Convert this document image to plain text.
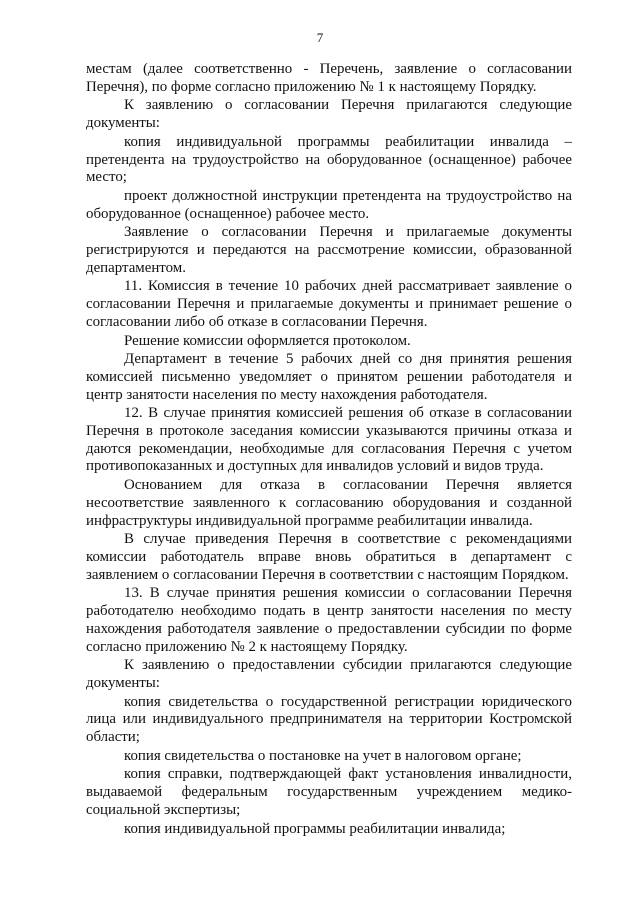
7

местам (далее соответственно - Перечень, заявление о согласовании Перечня), по форме согласно приложению № 1 к настоящему Порядку.

К заявлению о согласовании Перечня прилагаются следующие документы:

копия индивидуальной программы реабилитации инвалида – претендента на трудоустройство на оборудованное (оснащенное) рабочее место;

проект должностной инструкции претендента на трудоустройство на оборудованное (оснащенное) рабочее место.

Заявление о согласовании Перечня и прилагаемые документы регистрируются и передаются на рассмотрение комиссии, образованной департаментом.

11. Комиссия в течение 10 рабочих дней рассматривает заявление о согласовании Перечня и прилагаемые документы и принимает решение о согласовании либо об отказе в согласовании Перечня.

Решение комиссии оформляется протоколом.

Департамент в течение 5 рабочих дней со дня принятия решения комиссией письменно уведомляет о принятом решении работодателя и центр занятости населения по месту нахождения работодателя.

12. В случае принятия комиссией решения об отказе в согласовании Перечня в протоколе заседания комиссии указываются причины отказа и даются рекомендации, необходимые для согласования Перечня с учетом противопоказанных и доступных для инвалидов условий и видов труда.

Основанием для отказа в согласовании Перечня является несоответствие заявленного к согласованию оборудования и созданной инфраструктуры индивидуальной программе реабилитации инвалида.

В случае приведения Перечня в соответствие с рекомендациями комиссии работодатель вправе вновь обратиться в департамент с заявлением о согласовании Перечня в соответствии с настоящим Порядком.

13. В случае принятия решения комиссии о согласовании Перечня работодателю необходимо подать в центр занятости населения по месту нахождения работодателя заявление о предоставлении субсидии по форме согласно приложению № 2 к настоящему Порядку.

К заявлению о предоставлении субсидии прилагаются следующие документы:

копия свидетельства о государственной регистрации юридического лица или индивидуального предпринимателя на территории Костромской области;

копия свидетельства о постановке на учет в налоговом органе;

копия справки, подтверждающей факт установления инвалидности, выдаваемой федеральным государственным учреждением медико-социальной экспертизы;

копия индивидуальной программы реабилитации инвалида;
